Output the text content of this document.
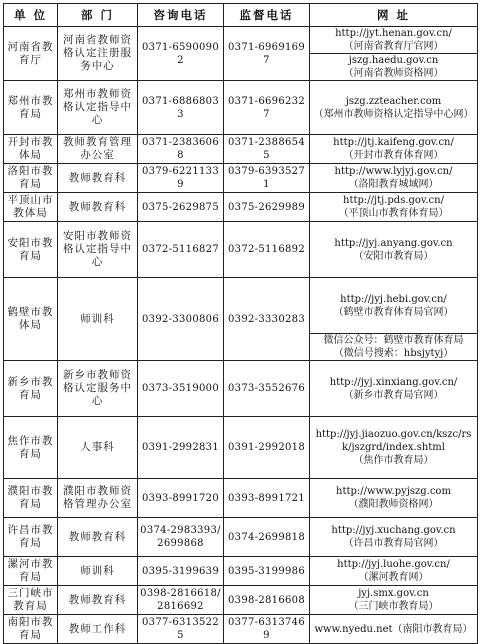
单 位	部 门	咨询电话	监督电话	网 址
河南省教育厅	河南省教师资格认定注册服务中心	0371-65900902	0371-69691697	http://jyt.henan.gov.cn/
（河南省教育厅官网）

				jszg.haedu.gov.cn
（河南省教师资格网）

郑州市教育局	郑州市教师资格认定指导中心	0371-68868033	0371-66962327	jszg.zzteacher.com
（郑州市教师资格认定指导中心网）

开封市教体局	教师教育管理办公室	0371-23836068	0371-23886545	http://jtj.kaifeng.gov.cn/
（开封市教育体育网）

洛阳市教育局	教师教育科	0379-62211339	0379-63935271	http://www.lyjyj.gov.cn/
（洛阳教育城域网）

平顶山市教体局	教师教育科	0375-2629875	0375-2629989	http://jtj.pds.gov.cn/
（平顶山市教育体育局）

安阳市教育局	安阳市教师资格认定指导中心	0372-5116827	0372-5116892	http://jyj.anyang.gov.cn
（安阳市教育局）

鹤壁市教体局	师训科	0392-3300806	0392-3330283	http://jyj.hebi.gov.cn/
（鹤壁市教育体育局官网）

				微信公众号：鹤壁市教育体育局
（微信号搜索：hbsjytyj）

新乡市教育局	新乡市教师资格认定服务中心	0373-3519000	0373-3552676	http://jyj.xinxiang.gov.cn/
（新乡市教育局官网）

焦作市教育局	人事科	0391-2992831	0391-2992018	http://jyj.jiaozuo.gov.cn/kszc/rsk/jszgrd/index.shtml
（焦作市教育局）

濮阳市教育局	濮阳市教师资格管理办公室	0393-8991720	0393-8991721	http://www.pyjszg.com
（濮阳教师资格网）

许昌市教育局	教师教育科	0374-2983393/2699868	0374-2699818	http://jyj.xuchang.gov.cn
（许昌市教育局官网）

漯河市教育局	师训科	0395-3199639	0395-3199986	http://jyj.luohe.gov.cn/
（漯河教育网）

三门峡市教育局	教师教育科	0398-2816618/2816692	0398-2816608	jyj.smx.gov.cn
（三门峡市教育局）

南阳市教育局	教师工作科	0377-63135225	0377-63137469	www.nyedu.net（南阳市教育局）
